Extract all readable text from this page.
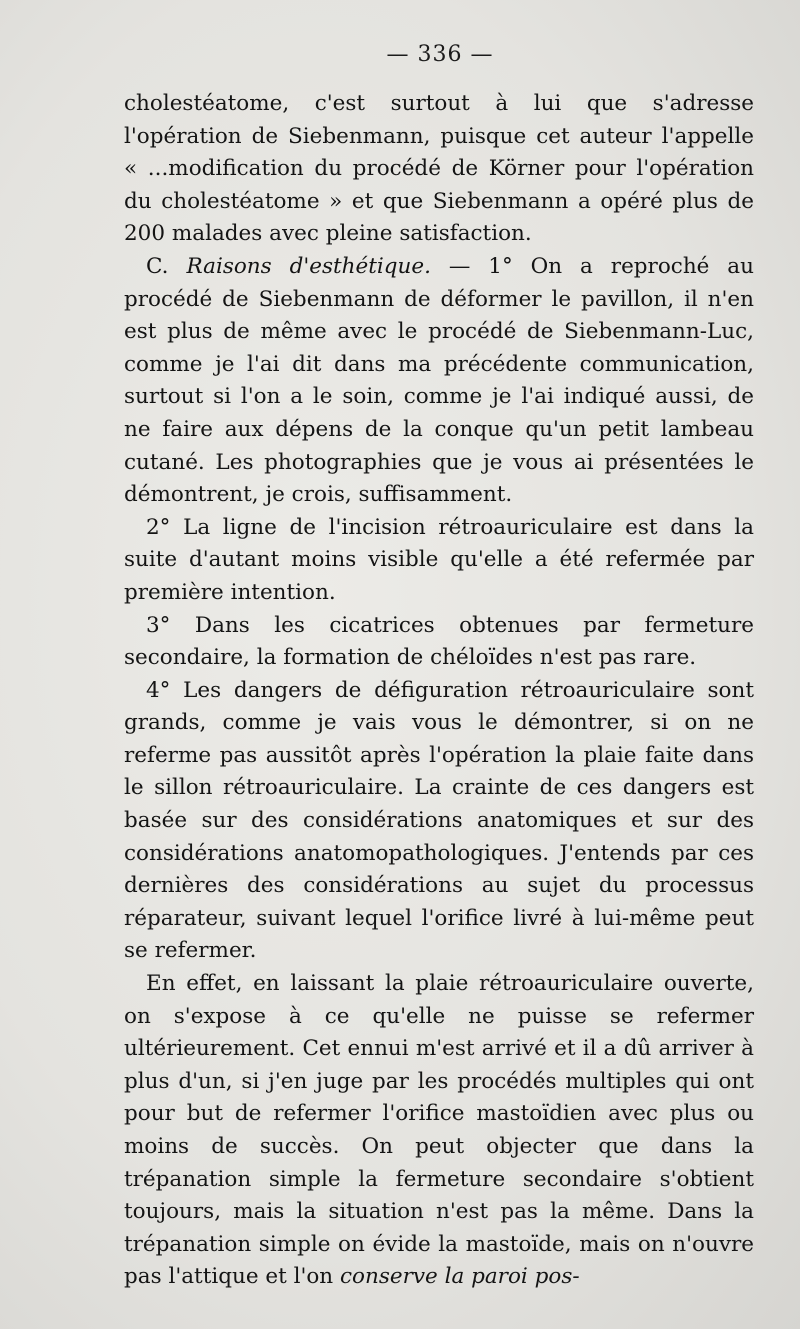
— 336 —

cholestéatome, c'est surtout à lui que s'adresse l'opération de Siebenmann, puisque cet auteur l'appelle « ...modification du procédé de Körner pour l'opération du cholestéatome » et que Siebenmann a opéré plus de 200 malades avec pleine satisfaction.

C. Raisons d'esthétique. — 1° On a reproché au procédé de Siebenmann de déformer le pavillon, il n'en est plus de même avec le procédé de Siebenmann-Luc, comme je l'ai dit dans ma précédente communication, surtout si l'on a le soin, comme je l'ai indiqué aussi, de ne faire aux dépens de la conque qu'un petit lambeau cutané. Les photographies que je vous ai présentées le démontrent, je crois, suffisamment.

2° La ligne de l'incision rétroauriculaire est dans la suite d'autant moins visible qu'elle a été refermée par première intention.

3° Dans les cicatrices obtenues par fermeture secondaire, la formation de chéloïdes n'est pas rare.

4° Les dangers de défiguration rétroauriculaire sont grands, comme je vais vous le démontrer, si on ne referme pas aussitôt après l'opération la plaie faite dans le sillon rétroauriculaire. La crainte de ces dangers est basée sur des considérations anatomiques et sur des considérations anatomopathologiques. J'entends par ces dernières des considérations au sujet du processus réparateur, suivant lequel l'orifice livré à lui-même peut se refermer.

En effet, en laissant la plaie rétroauriculaire ouverte, on s'expose à ce qu'elle ne puisse se refermer ultérieurement. Cet ennui m'est arrivé et il a dû arriver à plus d'un, si j'en juge par les procédés multiples qui ont pour but de refermer l'orifice mastoïdien avec plus ou moins de succès. On peut objecter que dans la trépanation simple la fermeture secondaire s'obtient toujours, mais la situation n'est pas la même. Dans la trépanation simple on évide la mastoïde, mais on n'ouvre pas l'attique et l'on conserve la paroi pos-
